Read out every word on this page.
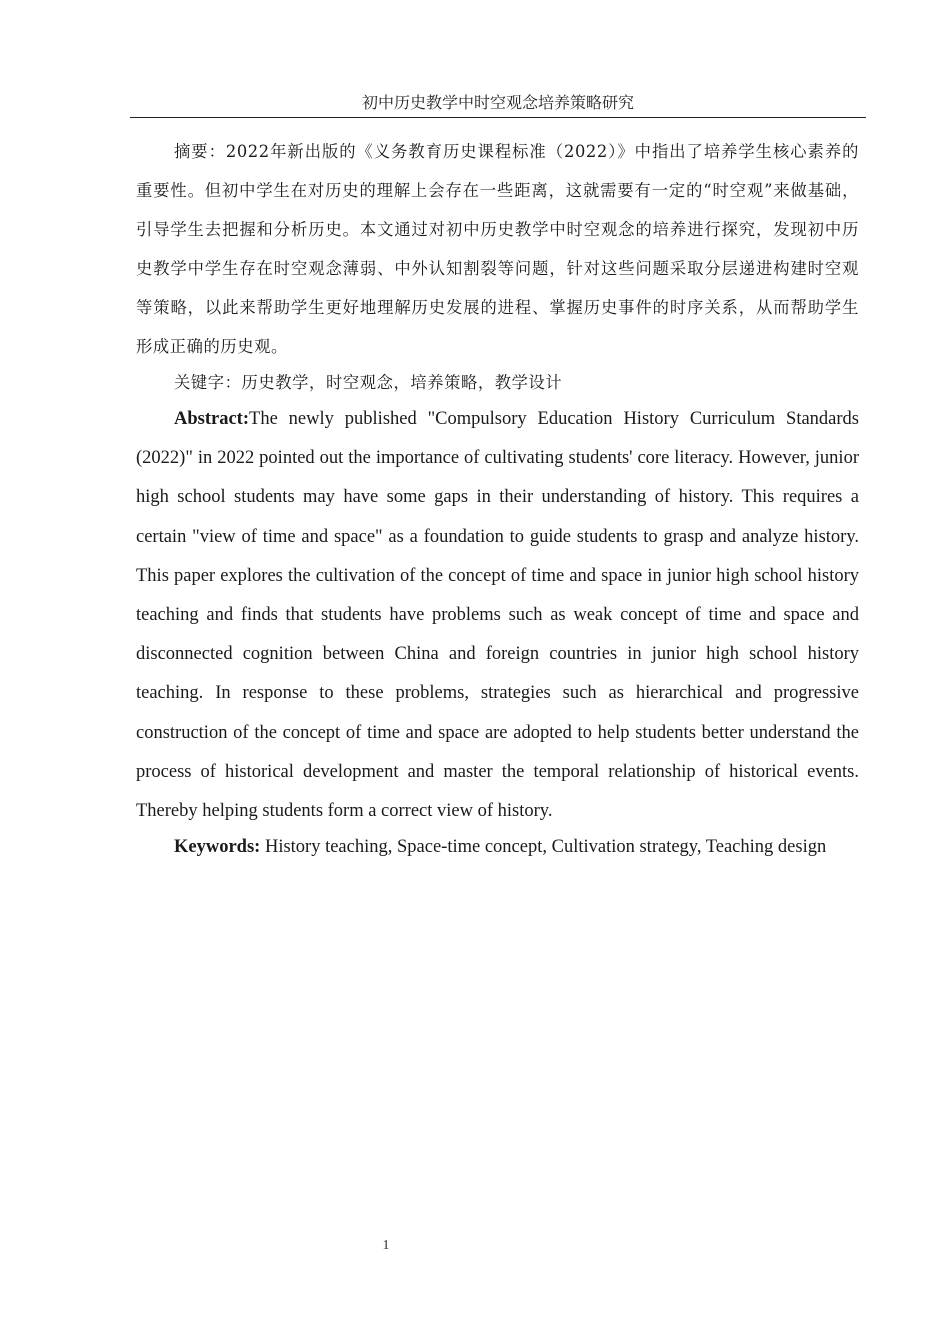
初中历史教学中时空观念培养策略研究
摘要：2022年新出版的《义务教育历史课程标准（2022）》中指出了培养学生核心素养的重要性。但初中学生在对历史的理解上会存在一些距离，这就需要有一定的“时空观”来做基础，引导学生去把握和分析历史。本文通过对初中历史教学中时空观念的培养进行探究，发现初中历史教学中学生存在时空观念薄弱、中外认知割裂等问题，针对这些问题采取分层递进构建时空观等策略，以此来帮助学生更好地理解历史发展的进程、掌握历史事件的时序关系，从而帮助学生形成正确的历史观。
关键字：历史教学，时空观念，培养策略，教学设计
Abstract:The newly published "Compulsory Education History Curriculum Standards (2022)" in 2022 pointed out the importance of cultivating students' core literacy. However, junior high school students may have some gaps in their understanding of history. This requires a certain "view of time and space" as a foundation to guide students to grasp and analyze history. This paper explores the cultivation of the concept of time and space in junior high school history teaching and finds that students have problems such as weak concept of time and space and disconnected cognition between China and foreign countries in junior high school history teaching. In response to these problems, strategies such as hierarchical and progressive construction of the concept of time and space are adopted to help students better understand the process of historical development and master the temporal relationship of historical events. Thereby helping students form a correct view of history.
Keywords: History teaching, Space-time concept, Cultivation strategy, Teaching design
1
